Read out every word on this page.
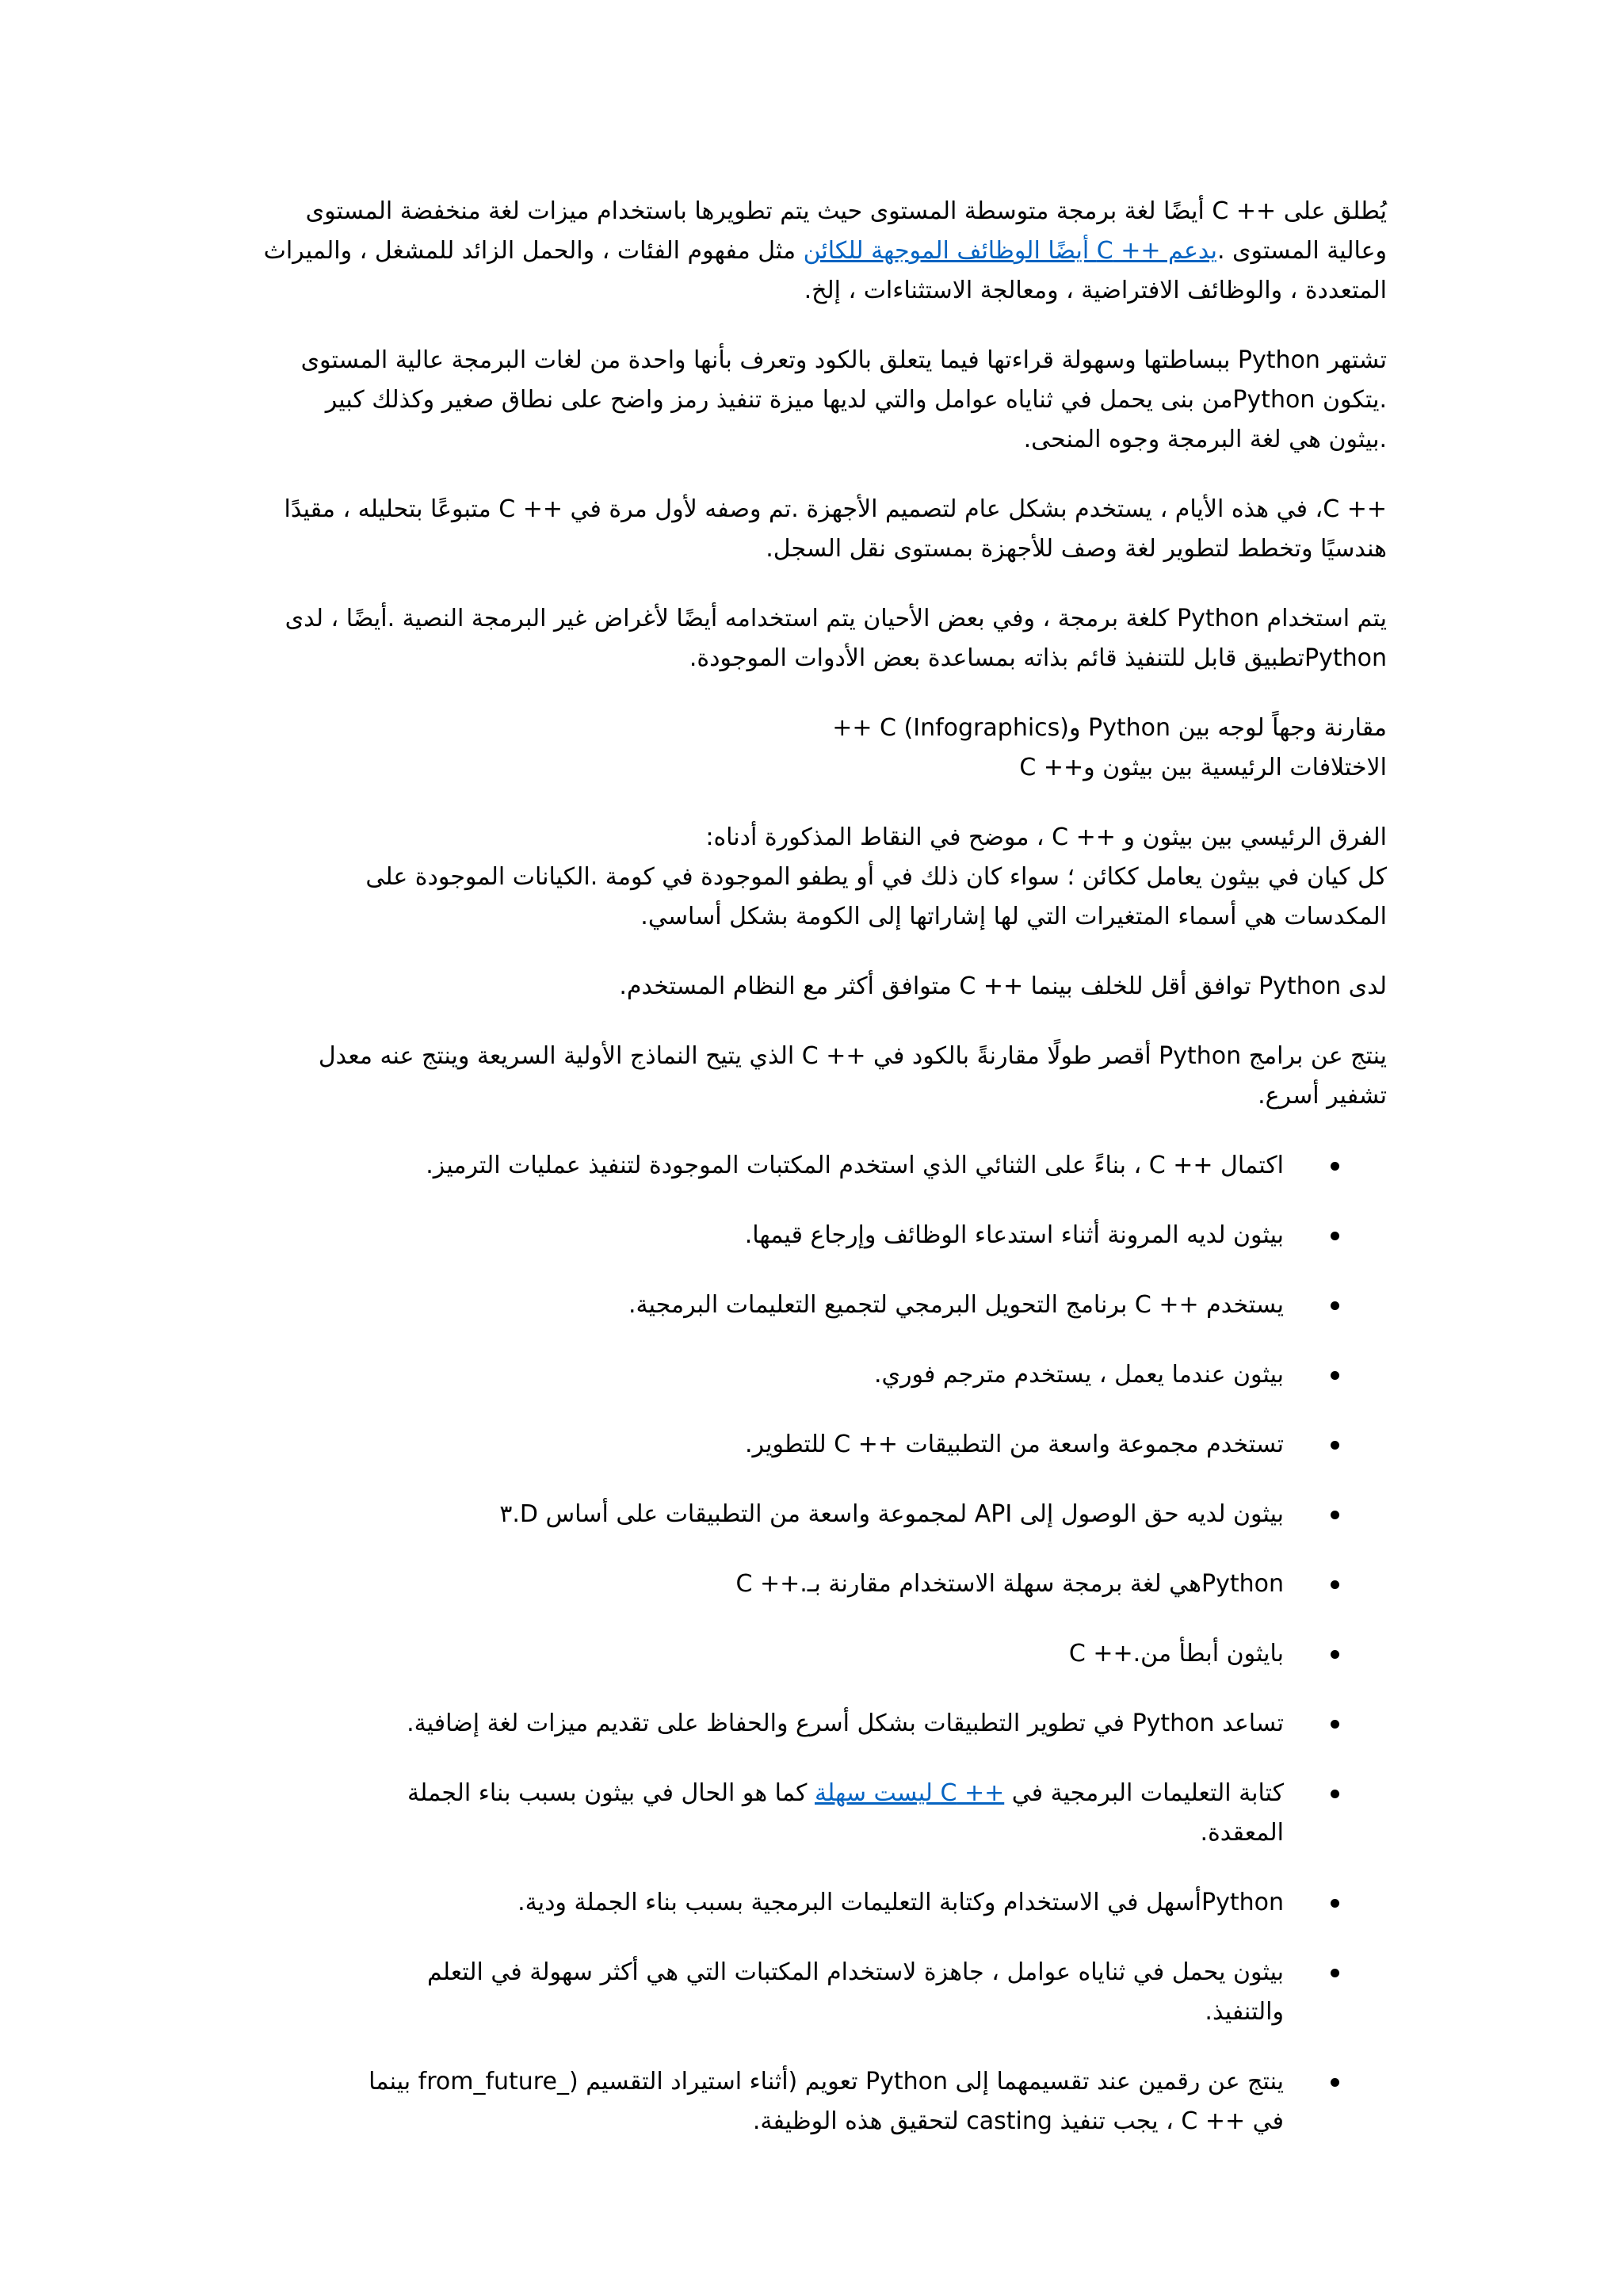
يُطلق على ++ C أيضًا لغة برمجة متوسطة المستوى حيث يتم تطويرها باستخدام ميزات لغة منخفضة المستوى وعالية المستوى .يدعم ++ C أيضًا الوظائف الموجهة للكائن مثل مفهوم الفئات ، والحمل الزائد للمشغل ، والميراث المتعددة ، والوظائف الافتراضية ، ومعالجة الاستثناءات ، إلخ.

تشتهر Python ببساطتها وسهولة قراءتها فيما يتعلق بالكود وتعرف بأنها واحدة من لغات البرمجة عالية المستوى .يتكون Pythonمن بنى يحمل في ثناياه عوامل والتي لديها ميزة تنفيذ رمز واضح على نطاق صغير وكذلك كبير .بيثون هي لغة البرمجة وجوه المنحى.

++ C، في هذه الأيام ، يستخدم بشكل عام لتصميم الأجهزة .تم وصفه لأول مرة في ++ C متبوعًا بتحليله ، مقيدًا هندسيًا وتخطط لتطوير لغة وصف للأجهزة بمستوى نقل السجل.

يتم استخدام Python كلغة برمجة ، وفي بعض الأحيان يتم استخدامه أيضًا لأغراض غير البرمجة النصية .أيضًا ، لدى Pythonتطبيق قابل للتنفيذ قائم بذاته بمساعدة بعض الأدوات الموجودة.

مقارنة وجهاً لوجه بين Python و(Infographics) C ++

الاختلافات الرئيسية بين بيثون و++ C

الفرق الرئيسي بين بيثون و ++ C ، موضح في النقاط المذكورة أدناه:

كل كيان في بيثون يعامل ككائن ؛ سواء كان ذلك في أو يطفو الموجودة في كومة .الكيانات الموجودة على المكدسات هي أسماء المتغيرات التي لها إشاراتها إلى الكومة بشكل أساسي.

لدى Python توافق أقل للخلف بينما ++ C متوافق أكثر مع النظام المستخدم.

ينتج عن برامج Python أقصر طولًا مقارنةً بالكود في ++ C الذي يتيح النماذج الأولية السريعة وينتج عنه معدل تشفير أسرع.

اكتمال ++ C ، بناءً على الثنائي الذي استخدم المكتبات الموجودة لتنفيذ عمليات الترميز.
بيثون لديه المرونة أثناء استدعاء الوظائف وإرجاع قيمها.
يستخدم ++ C برنامج التحويل البرمجي لتجميع التعليمات البرمجية.
بيثون عندما يعمل ، يستخدم مترجم فوري.
تستخدم مجموعة واسعة من التطبيقات ++ C للتطوير.
بيثون لديه حق الوصول إلى API لمجموعة واسعة من التطبيقات على أساس D.٣
Pythonهي لغة برمجة سهلة الاستخدام مقارنة بـ.++ C
بايثون أبطأ من.++ C
تساعد Python في تطوير التطبيقات بشكل أسرع والحفاظ على تقديم ميزات لغة إضافية.
كتابة التعليمات البرمجية في ++ C ليست سهلة كما هو الحال في بيثون بسبب بناء الجملة المعقدة.
Pythonأسهل في الاستخدام وكتابة التعليمات البرمجية بسبب بناء الجملة ودية.
بيثون يحمل في ثناياه عوامل ، جاهزة لاستخدام المكتبات التي هي أكثر سهولة في التعلم والتنفيذ.
ينتج عن رقمين عند تقسيمهما إلى Python تعويم (أثناء استيراد التقسيم (_from_future بينما في ++ C ، يجب تنفيذ casting لتحقيق هذه الوظيفة.
